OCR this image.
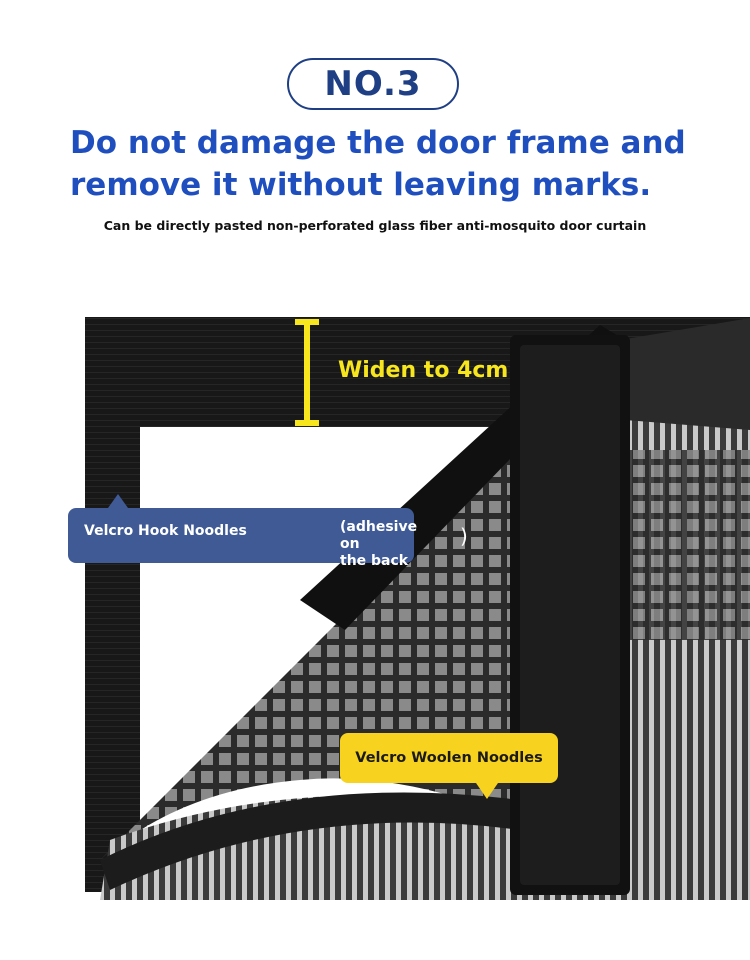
NO.3
Do not damage the door frame and
remove it without leaving marks.
Can be directly pasted non-perforated glass fiber anti-mosquito door curtain
Widen to 4cm
Velcro Hook Noodles	(adhesive on
the back
)
Velcro Woolen Noodles
